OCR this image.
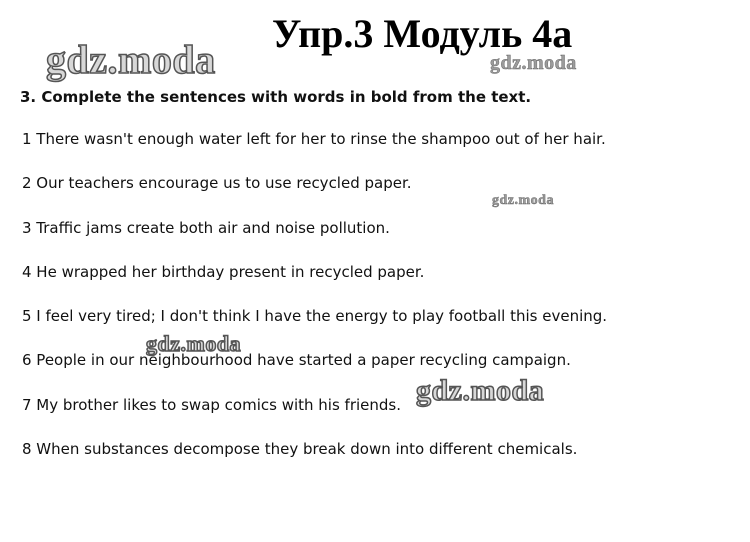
Упр.3 Модуль 4а
3. Complete the sentences with words in bold from the text.
1 There wasn't enough water left for her to rinse the shampoo out of her hair.
2 Our teachers encourage us to use recycled paper.
3 Traffic jams create both air and noise pollution.
4 He wrapped her birthday present in recycled paper.
5 I feel very tired; I don't think I have the energy to play football this evening.
6 People in our neighbourhood have started a paper recycling campaign.
7 My brother likes to swap comics with his friends.
8 When substances decompose they break down into different chemicals.
gdz.moda	gdz.moda
gdz.moda
gdz.moda
gdz.moda
